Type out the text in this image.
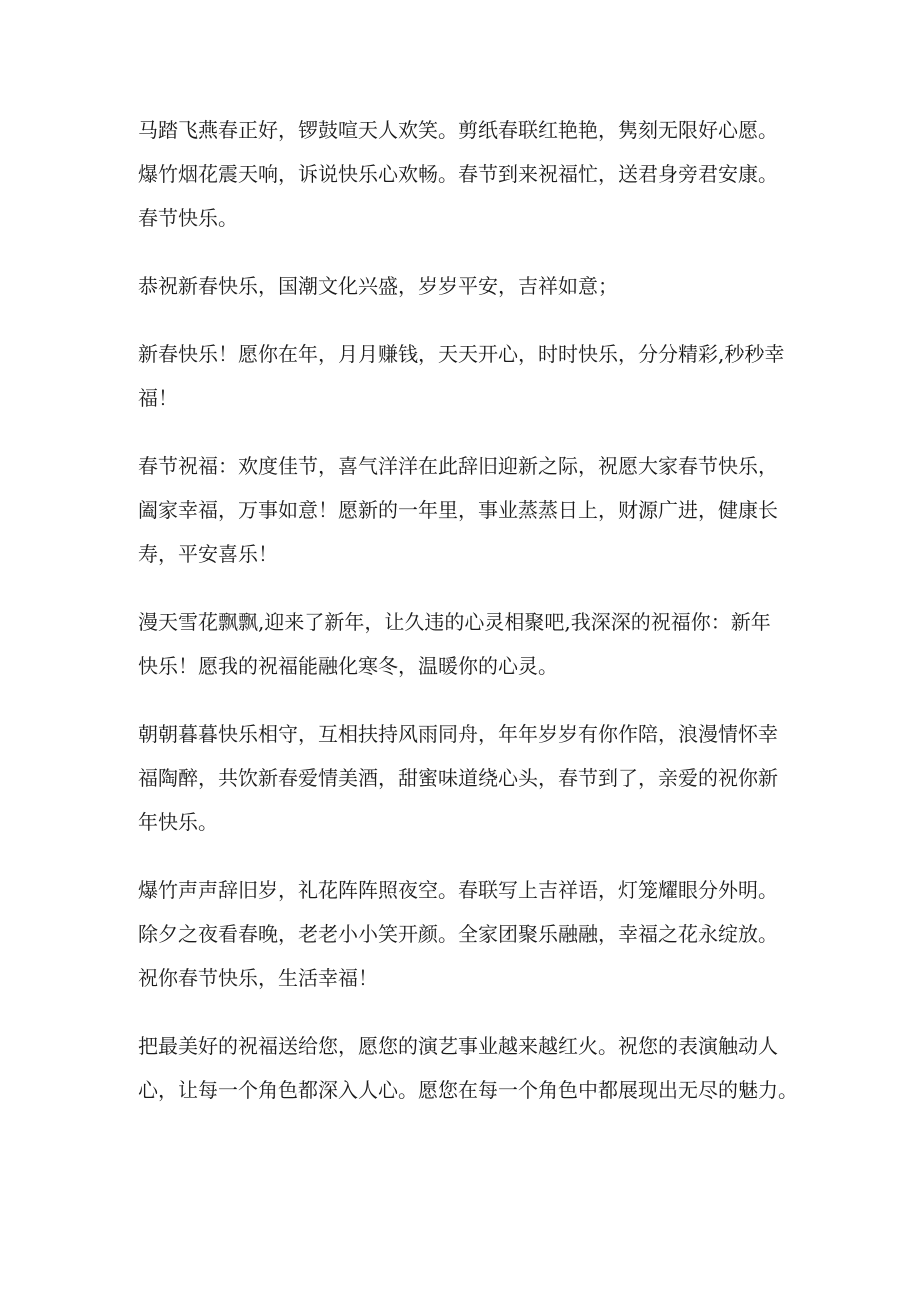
马踏飞燕春正好，锣鼓喧天人欢笑。剪纸春联红艳艳，隽刻无限好心愿。
爆竹烟花震天响，诉说快乐心欢畅。春节到来祝福忙，送君身旁君安康。
春节快乐。

恭祝新春快乐，国潮文化兴盛，岁岁平安，吉祥如意；

新春快乐！愿你在年，月月赚钱，天天开心，时时快乐，分分精彩,秒秒幸
福！

春节祝福：欢度佳节，喜气洋洋在此辞旧迎新之际，祝愿大家春节快乐，
阖家幸福，万事如意！愿新的一年里，事业蒸蒸日上，财源广进，健康长
寿，平安喜乐！

漫天雪花飘飘,迎来了新年，让久违的心灵相聚吧,我深深的祝福你：新年
快乐！愿我的祝福能融化寒冬，温暖你的心灵。

朝朝暮暮快乐相守，互相扶持风雨同舟，年年岁岁有你作陪，浪漫情怀幸
福陶醉，共饮新春爱情美酒，甜蜜味道绕心头，春节到了，亲爱的祝你新
年快乐。

爆竹声声辞旧岁，礼花阵阵照夜空。春联写上吉祥语，灯笼耀眼分外明。
除夕之夜看春晚，老老小小笑开颜。全家团聚乐融融，幸福之花永绽放。
祝你春节快乐，生活幸福！

把最美好的祝福送给您，愿您的演艺事业越来越红火。祝您的表演触动人
心，让每一个角色都深入人心。愿您在每一个角色中都展现出无尽的魅力。
